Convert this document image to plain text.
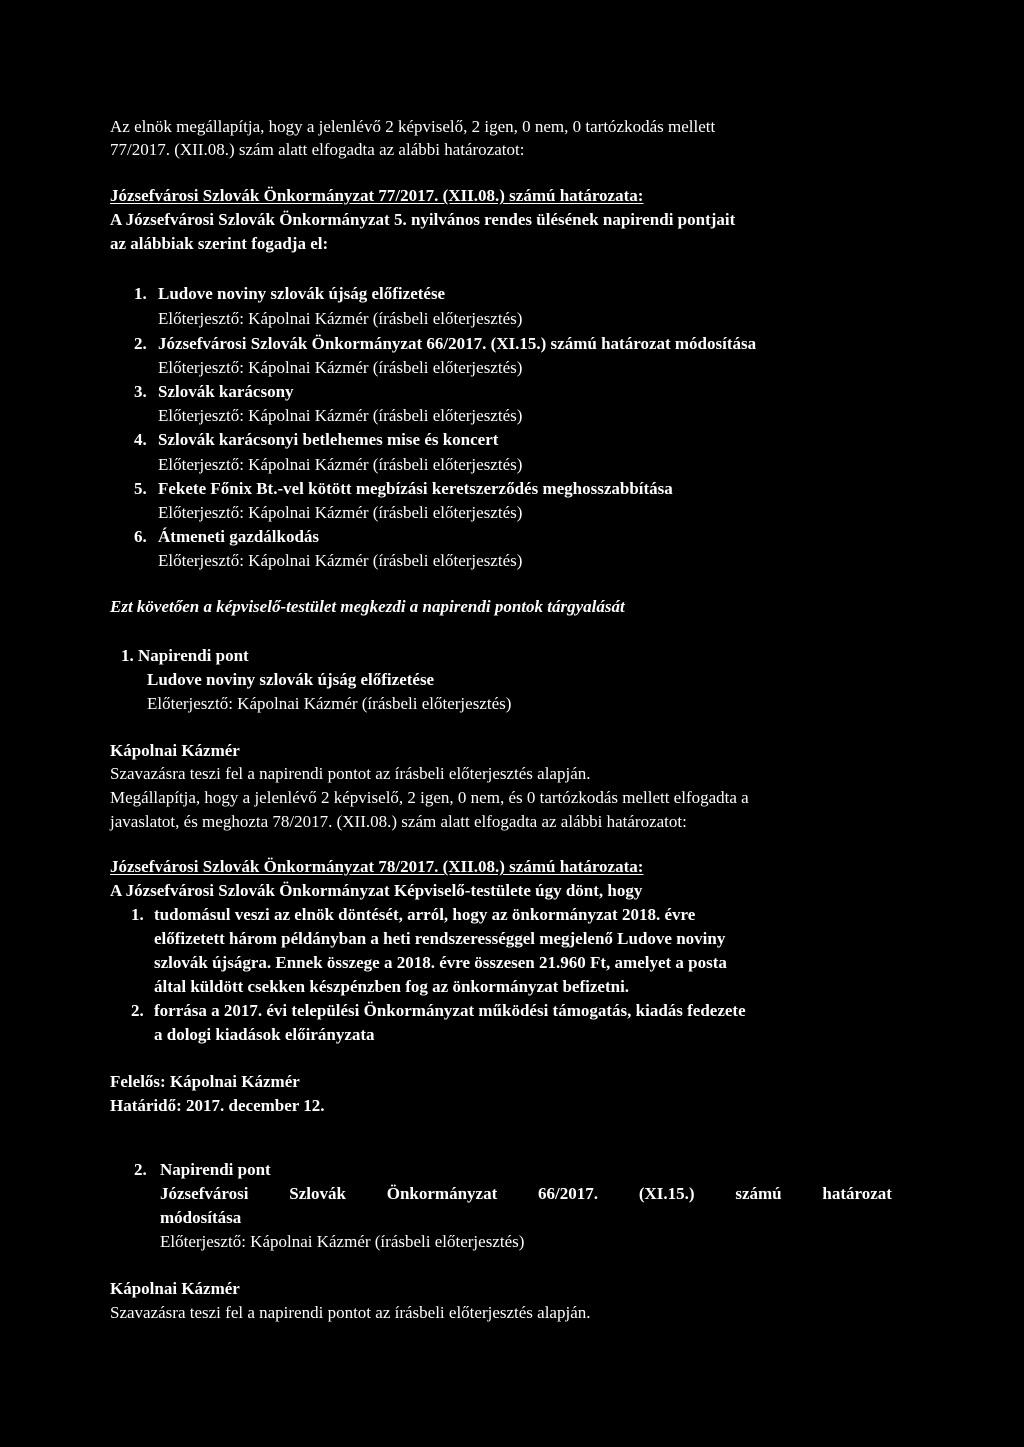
Az elnök megállapítja, hogy a jelenlévő 2 képviselő, 2 igen, 0 nem, 0 tartózkodás mellett
77/2017. (XII.08.) szám alatt elfogadta az alábbi határozatot:
Józsefvárosi Szlovák Önkormányzat 77/2017. (XII.08.) számú határozata:
A Józsefvárosi Szlovák Önkormányzat 5. nyilvános rendes ülésének napirendi pontjait
az alábbiak szerint fogadja el:
1. Ludove noviny szlovák újság előfizetése
Előterjesztő: Kápolnai Kázmér (írásbeli előterjesztés)
2. Józsefvárosi Szlovák Önkormányzat 66/2017. (XI.15.) számú határozat módosítása
Előterjesztő: Kápolnai Kázmér (írásbeli előterjesztés)
3. Szlovák karácsony
Előterjesztő: Kápolnai Kázmér (írásbeli előterjesztés)
4. Szlovák karácsonyi betlehemes mise és koncert
Előterjesztő: Kápolnai Kázmér (írásbeli előterjesztés)
5. Fekete Főnix Bt.-vel kötött megbízási keretszerződés meghosszabbítása
Előterjesztő: Kápolnai Kázmér (írásbeli előterjesztés)
6. Átmeneti gazdálkodás
Előterjesztő: Kápolnai Kázmér (írásbeli előterjesztés)
Ezt követően a képviselő-testület megkezdi a napirendi pontok tárgyalását
1. Napirendi pont
Ludove noviny szlovák újság előfizetése
Előterjesztő: Kápolnai Kázmér (írásbeli előterjesztés)
Kápolnai Kázmér
Szavazásra teszi fel a napirendi pontot az írásbeli előterjesztés alapján.
Megállapítja, hogy a jelenlévő 2 képviselő, 2 igen, 0 nem, és 0 tartózkodás mellett elfogadta a
javaslatot, és meghozta 78/2017. (XII.08.) szám alatt elfogadta az alábbi határozatot:
Józsefvárosi Szlovák Önkormányzat 78/2017. (XII.08.) számú határozata:
A Józsefvárosi Szlovák Önkormányzat Képviselő-testülete úgy dönt, hogy
1. tudomásul veszi az elnök döntését, arról, hogy az önkormányzat 2018. évre
előfizetett három példányban a heti rendszerességgel megjelenő Ludove noviny
szlovák újságra. Ennek összege a 2018. évre összesen 21.960 Ft, amelyet a posta
által küldött csekken készpénzben fog az önkormányzat befizetni.
2. forrása a 2017. évi települési Önkormányzat működési támogatás, kiadás fedezete
a dologi kiadások előirányzata
Felelős: Kápolnai Kázmér
Határidő: 2017. december 12.
2. Napirendi pont
Józsefvárosi Szlovák Önkormányzat 66/2017. (XI.15.) számú határozat
módosítása
Előterjesztő: Kápolnai Kázmér (írásbeli előterjesztés)
Kápolnai Kázmér
Szavazásra teszi fel a napirendi pontot az írásbeli előterjesztés alapján.
